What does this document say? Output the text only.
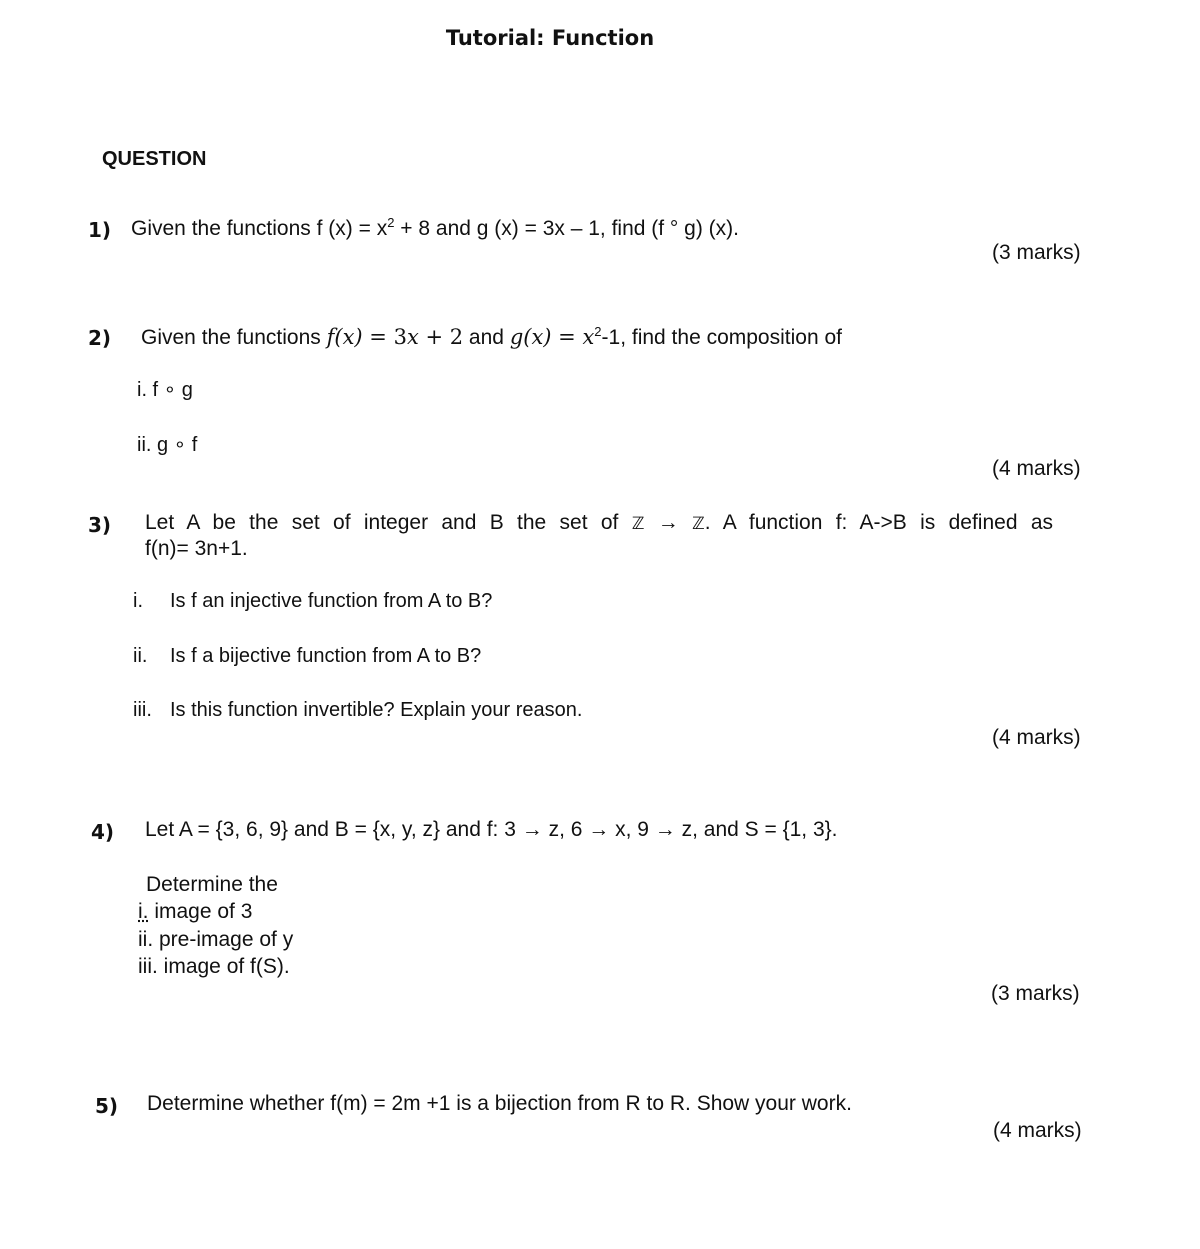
Tutorial: Function
QUESTION
1) Given the functions f $(x) = x^2 + 8$ and g (x) = 3x – 1, find (f ° g) (x).
(3 marks)
2) Given the functions f(x) = 3x + 2 and $g(x) = x^2-1$, find the composition of
i. f ∘ g
ii. g ∘ f
(4 marks)
3) Let A be the set of integer and B the set of ℤ → ℤ. A function f: A->B is defined as
f(n)= 3n+1.
i. Is f an injective function from A to B?
ii. Is f a bijective function from A to B?
iii. Is this function invertible? Explain your reason.
(4 marks)
4) Let A = {3, 6, 9} and B = {x, y, z} and f: 3 → z, 6 → x, 9 → z, and S = {1, 3}.
Determine the
i. image of 3
ii. pre-image of y
iii. image of f(S).
(3 marks)
5) Determine whether f(m) = 2m +1 is a bijection from R to R. Show your work.
(4 marks)
